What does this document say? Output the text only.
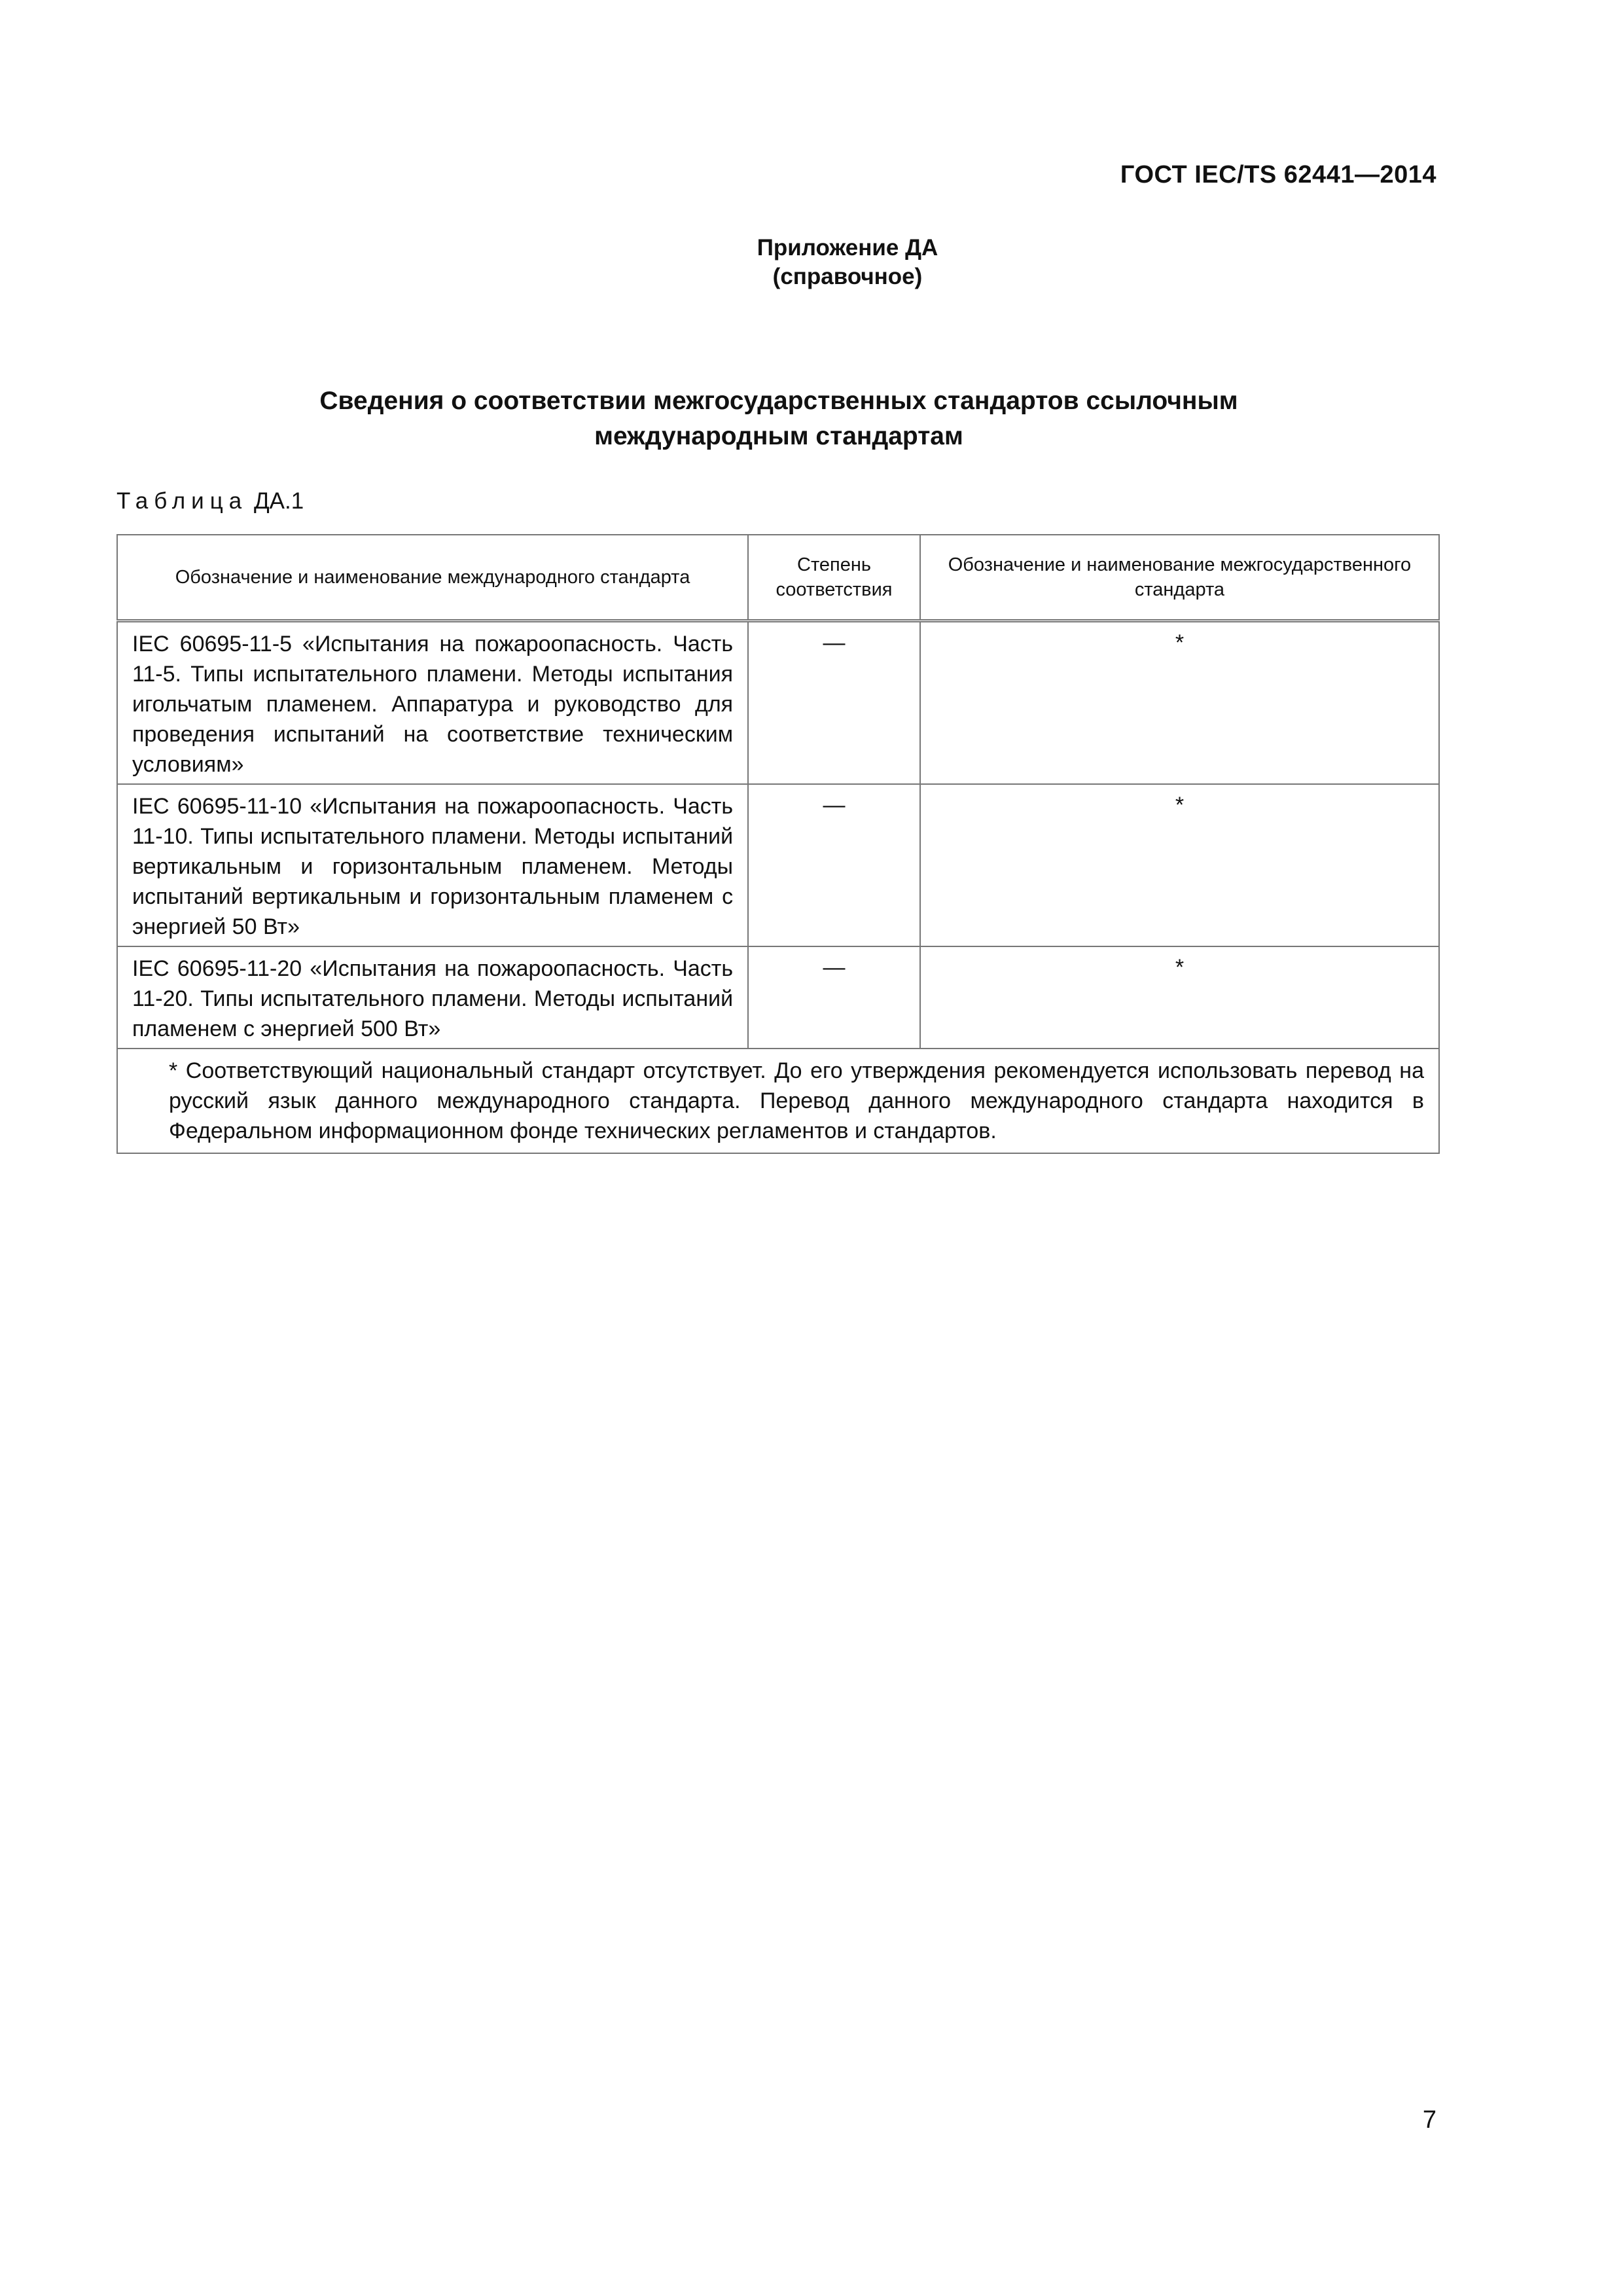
ГОСТ IEC/TS 62441—2014
Приложение ДА
(справочное)
Сведения о соответствии межгосударственных стандартов ссылочным
международным стандартам
Таблица ДА.1
Обозначение и наименование международного стандарта	Степень соответствия	Обозначение и наименование межгосударственного стандарта
IEC 60695-11-5 «Испытания на пожароопасность. Часть 11-5. Типы испытательного пламени. Методы испытания игольчатым пламенем. Аппаратура и руководство для проведения испытаний на соответствие техническим условиям»	—	*
IEC 60695-11-10 «Испытания на пожароопасность. Часть 11-10. Типы испытательного пламени. Методы испытаний вертикальным и горизонтальным пламенем. Методы испытаний вертикальным и горизонтальным пламенем с энергией 50 Вт»	—	*
IEC 60695-11-20 «Испытания на пожароопасность. Часть 11-20. Типы испытательного пламени. Методы испытаний пламенем с энергией 500 Вт»	—	*

* Соответствующий национальный стандарт отсутствует. До его утверждения рекомендуется использовать перевод на русский язык данного международного стандарта. Перевод данного международного стандарта находится в Федеральном информационном фонде технических регламентов и стандартов.		
7
